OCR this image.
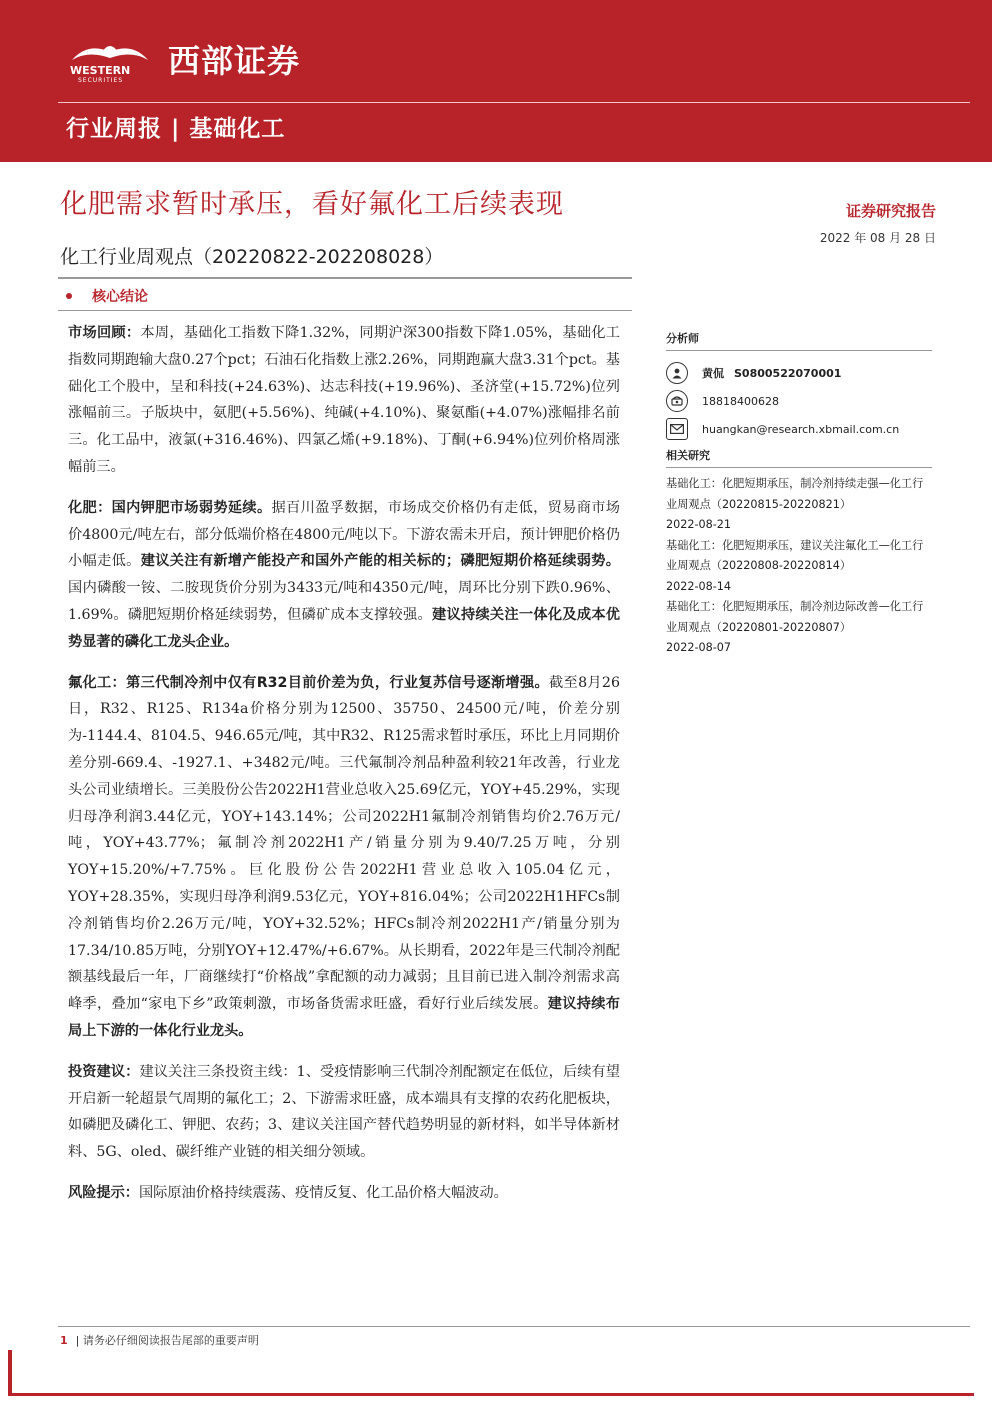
WESTERN
SECURITIES
西部证券
行业周报 | 基础化工
化肥需求暂时承压，看好氟化工后续表现	证券研究报告
2022 年 08 月 28 日
化工行业周观点（20220822-202208028）
核心结论

市场回顾：本周，基础化工指数下降1.32%，同期沪深300指数下降1.05%，基础化工指数同期跑输大盘0.27个pct；石油石化指数上涨2.26%，同期跑赢大盘3.31个pct。基础化工个股中，呈和科技(+24.63%)、达志科技(+19.96%)、圣济堂(+15.72%)位列涨幅前三。子版块中，氨肥(+5.56%)、纯碱(+4.10%)、聚氨酯(+4.07%)涨幅排名前三。化工品中，液氯(+316.46%)、四氯乙烯(+9.18%)、丁酮(+6.94%)位列价格周涨幅前三。

化肥：国内钾肥市场弱势延续。据百川盈孚数据，市场成交价格仍有走低，贸易商市场价4800元/吨左右，部分低端价格在4800元/吨以下。下游农需未开启，预计钾肥价格仍小幅走低。建议关注有新增产能投产和国外产能的相关标的；磷肥短期价格延续弱势。国内磷酸一铵、二胺现货价分别为3433元/吨和4350元/吨，周环比分别下跌0.96%、1.69%。磷肥短期价格延续弱势，但磷矿成本支撑较强。建议持续关注一体化及成本优势显著的磷化工龙头企业。

氟化工：第三代制冷剂中仅有R32目前价差为负，行业复苏信号逐渐增强。截至8月26日，R32、R125、R134a价格分别为12500、35750、24500元/吨，价差分别为-1144.4、8104.5、946.65元/吨，其中R32、R125需求暂时承压，环比上月同期价差分别-669.4、-1927.1、+3482元/吨。三代氟制冷剂品种盈利较21年改善，行业龙头公司业绩增长。三美股份公告2022H1营业总收入25.69亿元，YOY+45.29%，实现归母净利润3.44亿元，YOY+143.14%；公司2022H1氟制冷剂销售均价2.76万元/吨，YOY+43.77%；氟制冷剂2022H1产/销量分别为9.40/7.25万吨，分别YOY+15.20%/+7.75%。巨化股份公告2022H1营业总收入105.04亿元，YOY+28.35%，实现归母净利润9.53亿元，YOY+816.04%；公司2022H1HFCs制冷剂销售均价2.26万元/吨，YOY+32.52%；HFCs制冷剂2022H1产/销量分别为17.34/10.85万吨，分别YOY+12.47%/+6.67%。从长期看，2022年是三代制冷剂配额基线最后一年，厂商继续打“价格战”拿配额的动力减弱；且目前已进入制冷剂需求高峰季，叠加“家电下乡”政策刺激，市场备货需求旺盛，看好行业后续发展。建议持续布局上下游的一体化行业龙头。

投资建议：建议关注三条投资主线：1、受疫情影响三代制冷剂配额定在低位，后续有望开启新一轮超景气周期的氟化工；2、下游需求旺盛，成本端具有支撑的农药化肥板块，如磷肥及磷化工、钾肥、农药；3、建议关注国产替代趋势明显的新材料，如半导体新材料、5G、oled、碳纤维产业链的相关细分领域。

风险提示：国际原油价格持续震荡、疫情反复、化工品价格大幅波动。

分析师
黄侃 S0800522070001
18818400628
huangkan@research.xbmail.com.cn
相关研究
基础化工：化肥短期承压，制冷剂持续走强—化工行业周观点（20220815-20220821）
2022-08-21
基础化工：化肥短期承压，建议关注氟化工—化工行业周观点（20220808-20220814）
2022-08-14
基础化工：化肥短期承压，制冷剂边际改善—化工行业周观点（20220801-20220807）
2022-08-07
1 | 请务必仔细阅读报告尾部的重要声明
